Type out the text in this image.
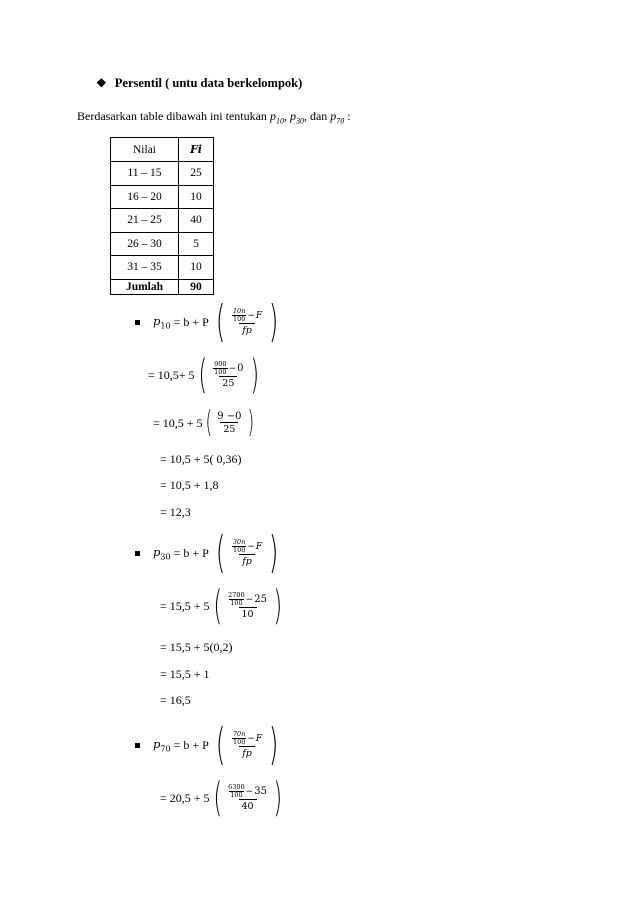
❖ Persentil ( untu data berkelompok)
Berdasarkan table dibawah ini tentukan $p_{10}$, $p_{30}$, dan $p_{70}$ :
Nilai	Fi
11 – 15	25
16 – 20	10
21 – 25	40
26 – 30	5
31 – 35	10
Jumlah	90
$p_{10}$
= b + P
( 10n
100 − F
fp )
= 10,5+ 5 ( 900
100 − 0
25 )
= 10,5 + 5 ( $\frac{9 -0}{25}$ )
= 10,5 + 5( 0,36)
= 10,5 + 1,8
= 12,3
$p_{30}$
= b + P
( 30n
100 − F
fp )
= 15,5 + 5 ( 2700
100 − 25
10 )
= 15,5 + 5(0,2)
= 15,5 + 1
= 16,5
$p_{70}$
= b + P
( 70n
100 − F
fp )
= 20,5 + 5 ( 6300
100 − 35
40 )
